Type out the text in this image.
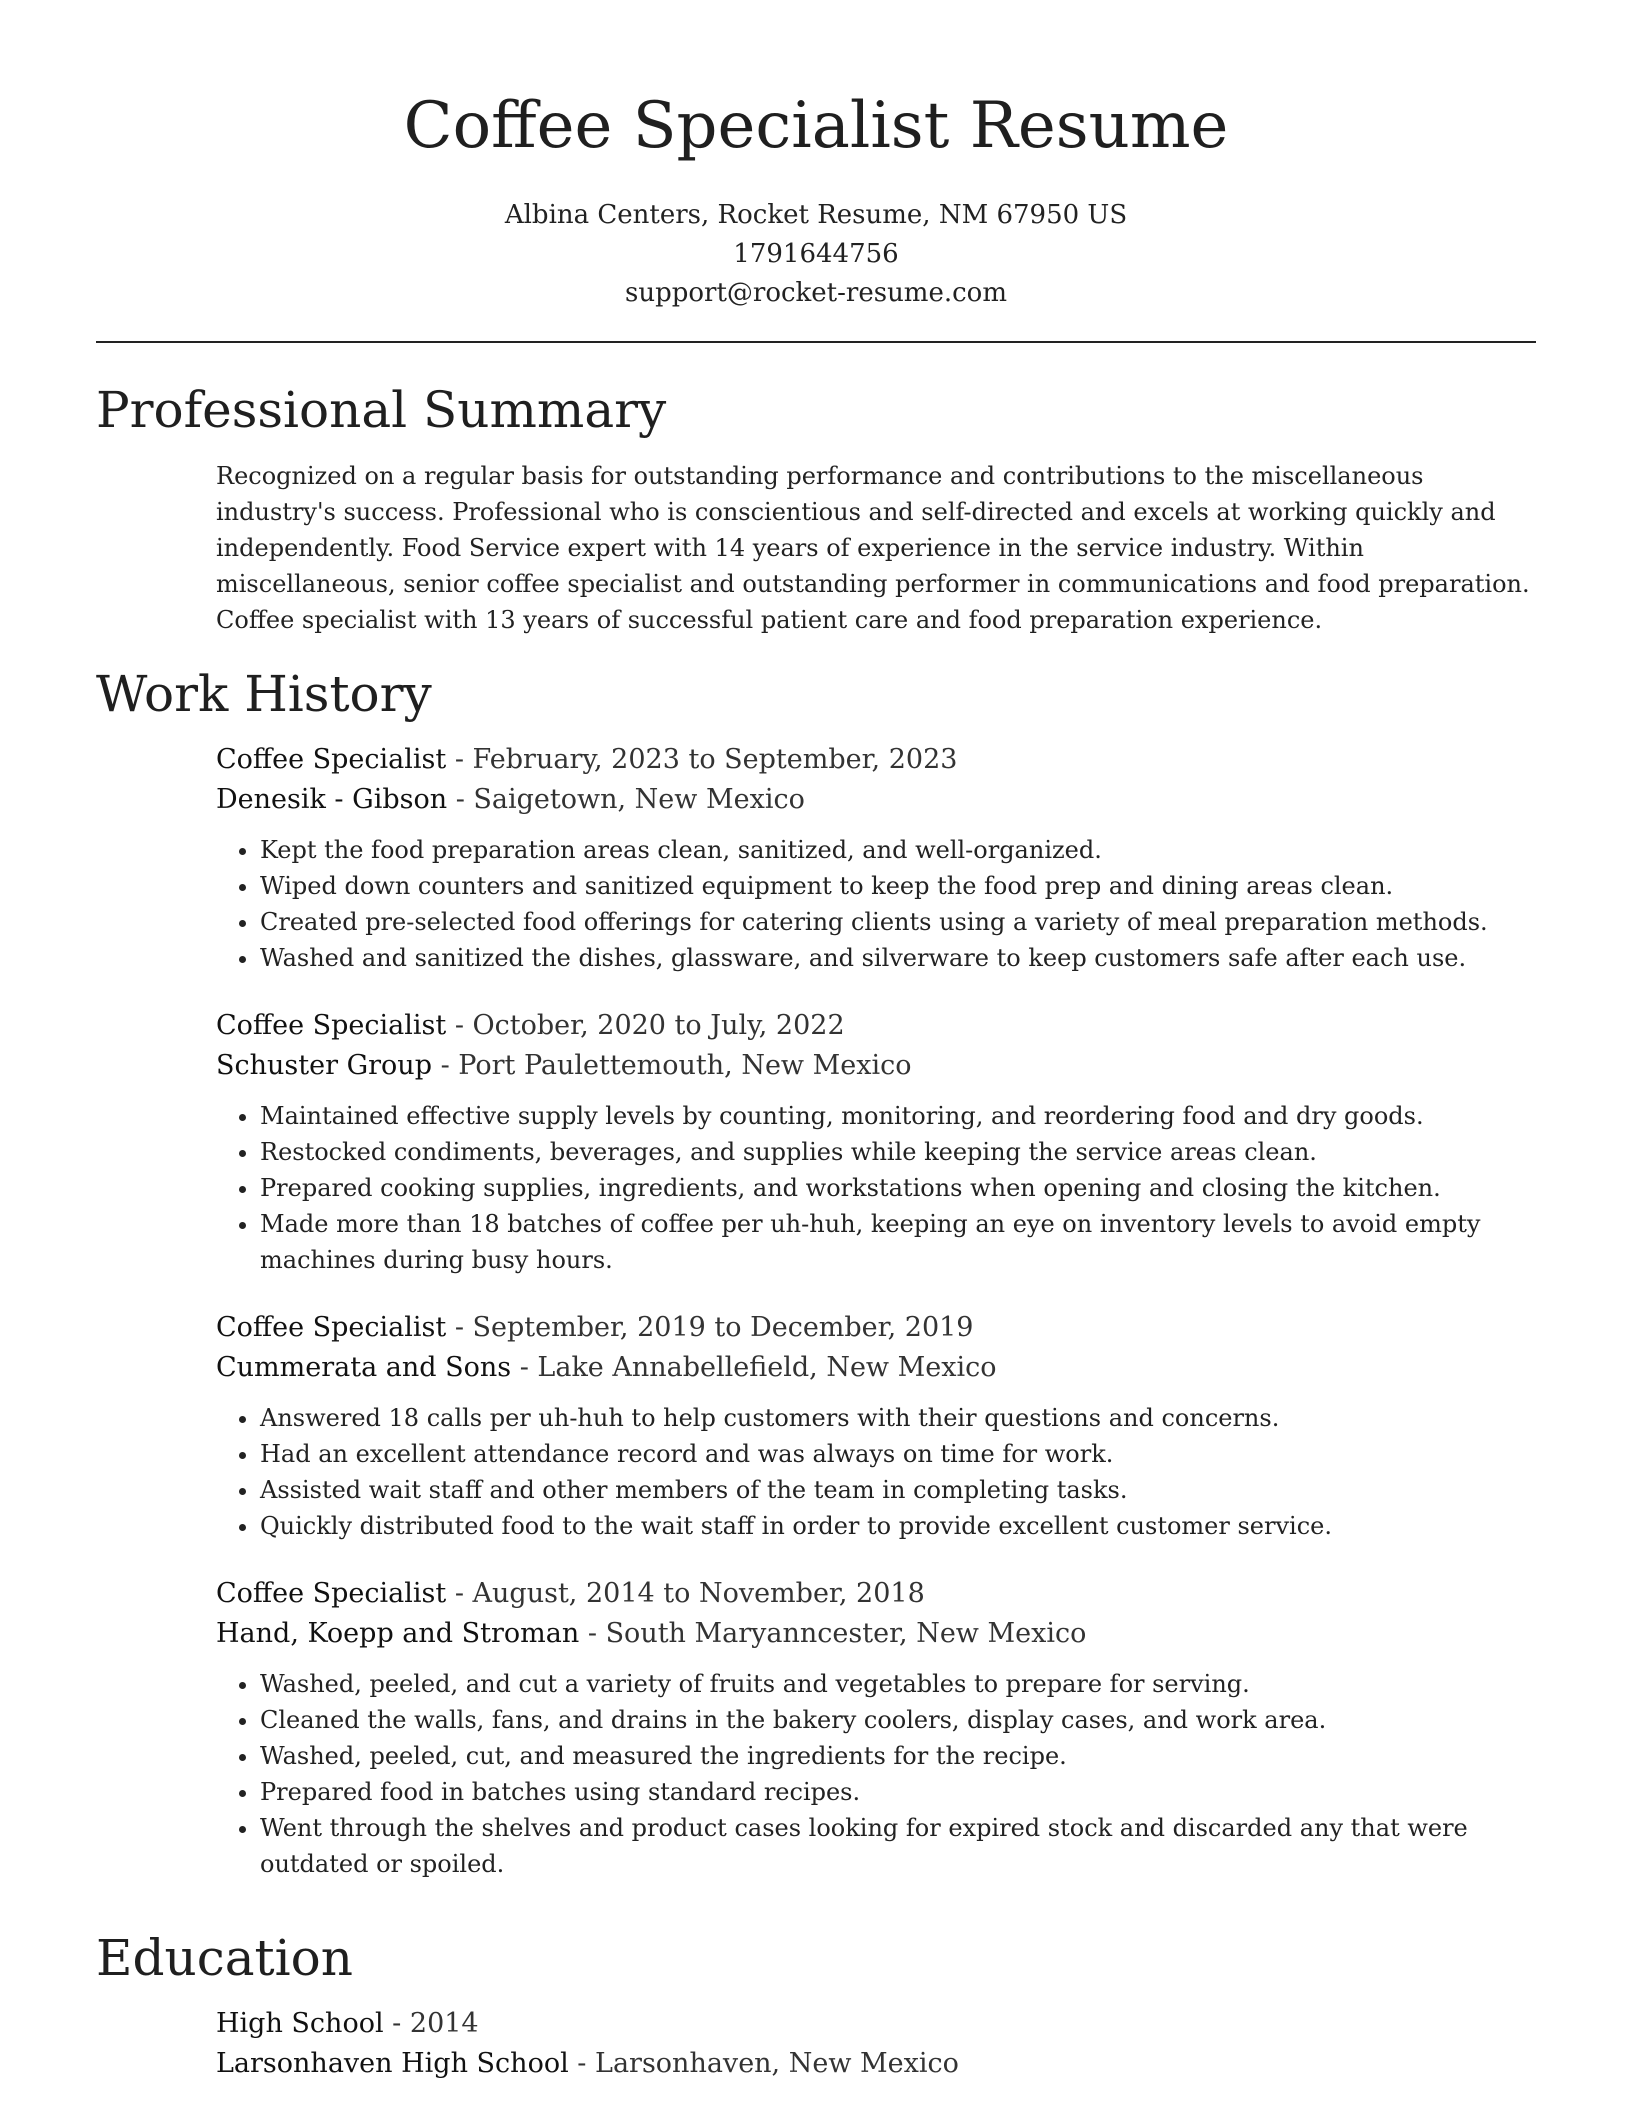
Coffee Specialist Resume
Albina Centers, Rocket Resume, NM 67950 US
1791644756
support@rocket-resume.com
Professional Summary

Recognized on a regular basis for outstanding performance and contributions to the miscellaneous industry's success. Professional who is conscientious and self-directed and excels at working quickly and independently. Food Service expert with 14 years of experience in the service industry. Within miscellaneous, senior coffee specialist and outstanding performer in communications and food preparation. Coffee specialist with 13 years of successful patient care and food preparation experience.

Work History
Coffee Specialist - February, 2023 to September, 2023
Denesik - Gibson - Saigetown, New Mexico
• Kept the food preparation areas clean, sanitized, and well-organized.
• Wiped down counters and sanitized equipment to keep the food prep and dining areas clean.
• Created pre-selected food offerings for catering clients using a variety of meal preparation methods.
• Washed and sanitized the dishes, glassware, and silverware to keep customers safe after each use.
Coffee Specialist - October, 2020 to July, 2022
Schuster Group - Port Paulettemouth, New Mexico
• Maintained effective supply levels by counting, monitoring, and reordering food and dry goods.
• Restocked condiments, beverages, and supplies while keeping the service areas clean.
• Prepared cooking supplies, ingredients, and workstations when opening and closing the kitchen.
• Made more than 18 batches of coffee per uh-huh, keeping an eye on inventory levels to avoid empty machines during busy hours.
Coffee Specialist - September, 2019 to December, 2019
Cummerata and Sons - Lake Annabellefield, New Mexico
• Answered 18 calls per uh-huh to help customers with their questions and concerns.
• Had an excellent attendance record and was always on time for work.
• Assisted wait staff and other members of the team in completing tasks.
• Quickly distributed food to the wait staff in order to provide excellent customer service.
Coffee Specialist - August, 2014 to November, 2018
Hand, Koepp and Stroman - South Maryanncester, New Mexico
• Washed, peeled, and cut a variety of fruits and vegetables to prepare for serving.
• Cleaned the walls, fans, and drains in the bakery coolers, display cases, and work area.
• Washed, peeled, cut, and measured the ingredients for the recipe.
• Prepared food in batches using standard recipes.
• Went through the shelves and product cases looking for expired stock and discarded any that were outdated or spoiled.
Education
High School - 2014
Larsonhaven High School - Larsonhaven, New Mexico
